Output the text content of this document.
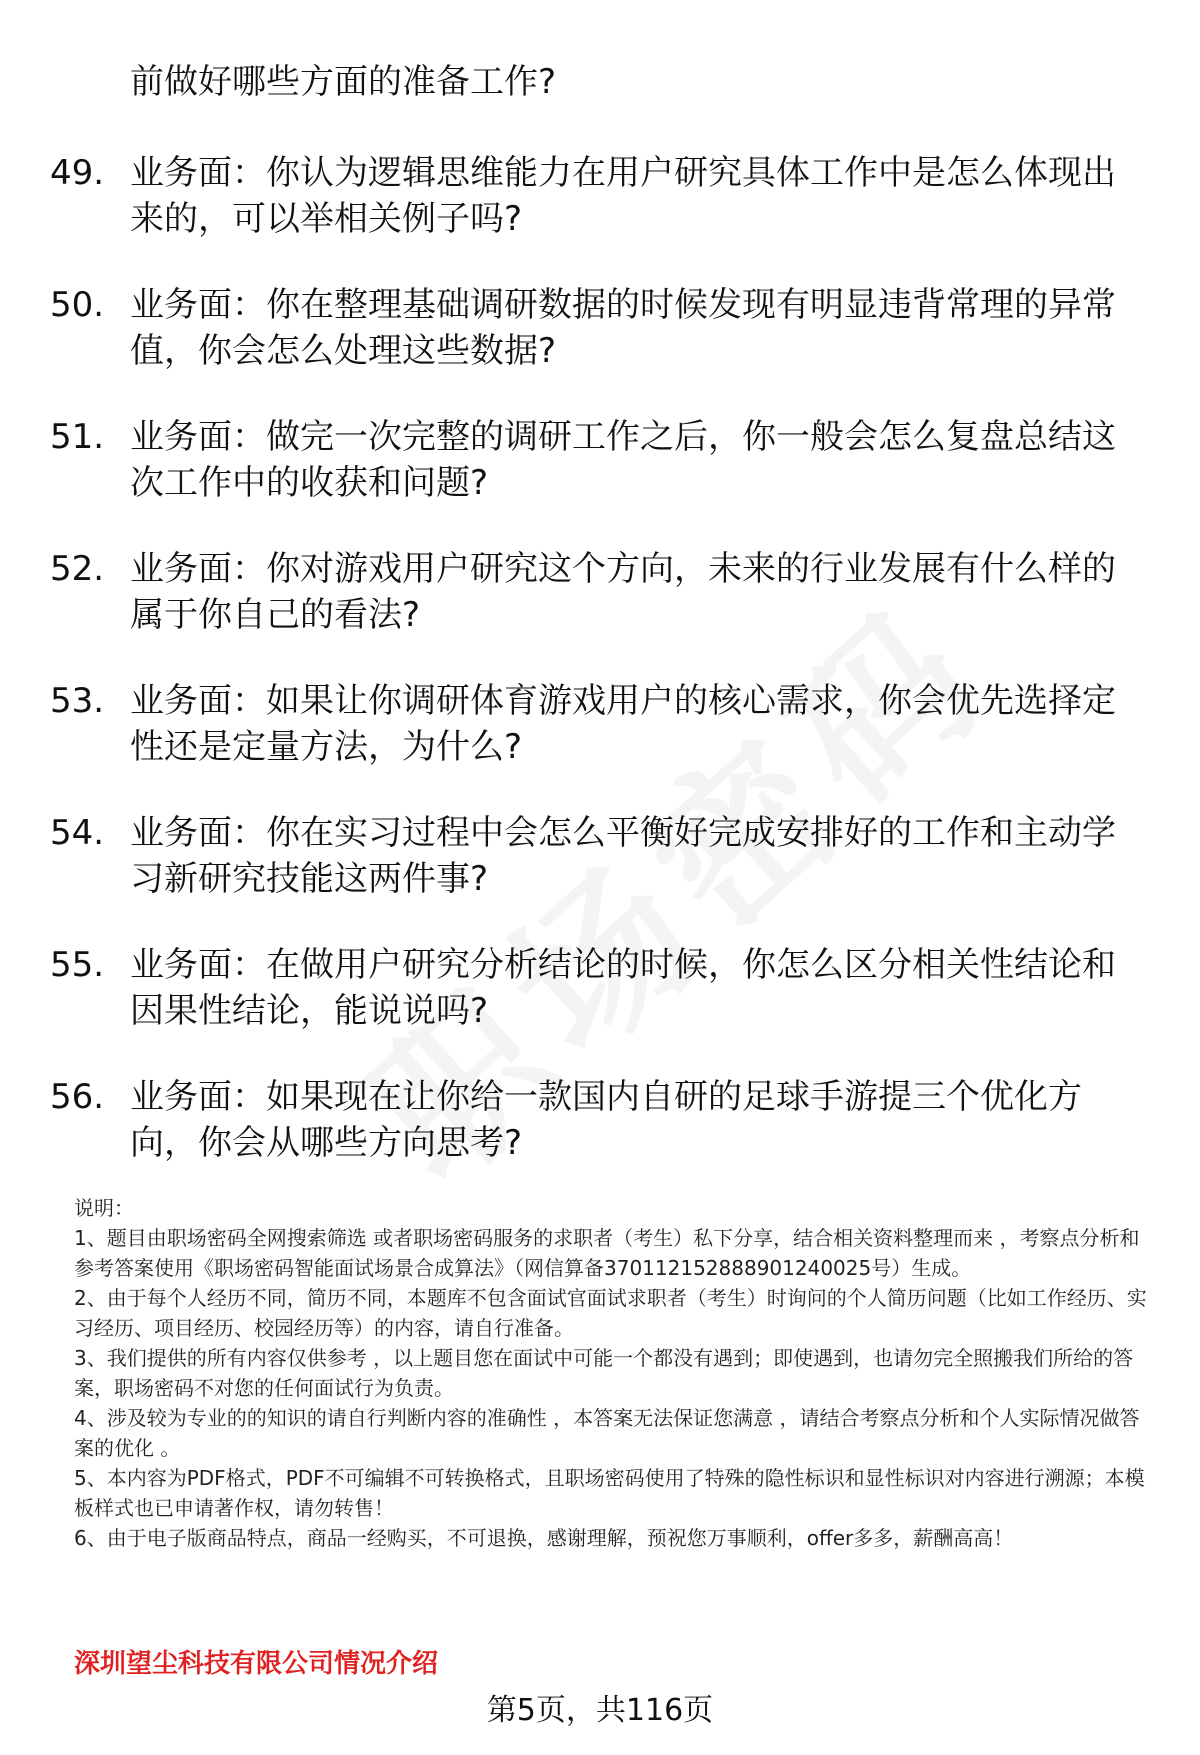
前做好哪些方面的准备工作?

49. 业务面：你认为逻辑思维能力在用户研究具体工作中是怎么体现出来的，可以举相关例子吗?
50. 业务面：你在整理基础调研数据的时候发现有明显违背常理的异常值，你会怎么处理这些数据?
51. 业务面：做完一次完整的调研工作之后，你一般会怎么复盘总结这次工作中的收获和问题?
52. 业务面：你对游戏用户研究这个方向，未来的行业发展有什么样的属于你自己的看法?
53. 业务面：如果让你调研体育游戏用户的核心需求，你会优先选择定性还是定量方法，为什么?
54. 业务面：你在实习过程中会怎么平衡好完成安排好的工作和主动学习新研究技能这两件事?
55. 业务面：在做用户研究分析结论的时候，你怎么区分相关性结论和因果性结论，能说说吗?
56. 业务面：如果现在让你给一款国内自研的足球手游提三个优化方向，你会从哪些方向思考?

说明：

1、题目由职场密码全网搜索筛选 或者职场密码服务的求职者（考生）私下分享，结合相关资料整理而来 ，考察点分析和参考答案使用《职场密码智能面试场景合成算法》（网信算备370112152888901240025号）生成。

2、由于每个人经历不同，简历不同，本题库不包含面试官面试求职者（考生）时询问的个人简历问题（比如工作经历、实习经历、项目经历、校园经历等）的内容，请自行准备。

3、我们提供的所有内容仅供参考 ，以上题目您在面试中可能一个都没有遇到；即使遇到，也请勿完全照搬我们所给的答案，职场密码不对您的任何面试行为负责。

4、涉及较为专业的的知识的请自行判断内容的准确性 ，本答案无法保证您满意 ，请结合考察点分析和个人实际情况做答案的优化 。

5、本内容为PDF格式，PDF不可编辑不可转换格式，且职场密码使用了特殊的隐性标识和显性标识对内容进行溯源；本模板样式也已申请著作权，请勿转售！

6、由于电子版商品特点，商品一经购买，不可退换，感谢理解，预祝您万事顺利，offer多多，薪酬高高！

深圳望尘科技有限公司情况介绍
第5页，共116页
